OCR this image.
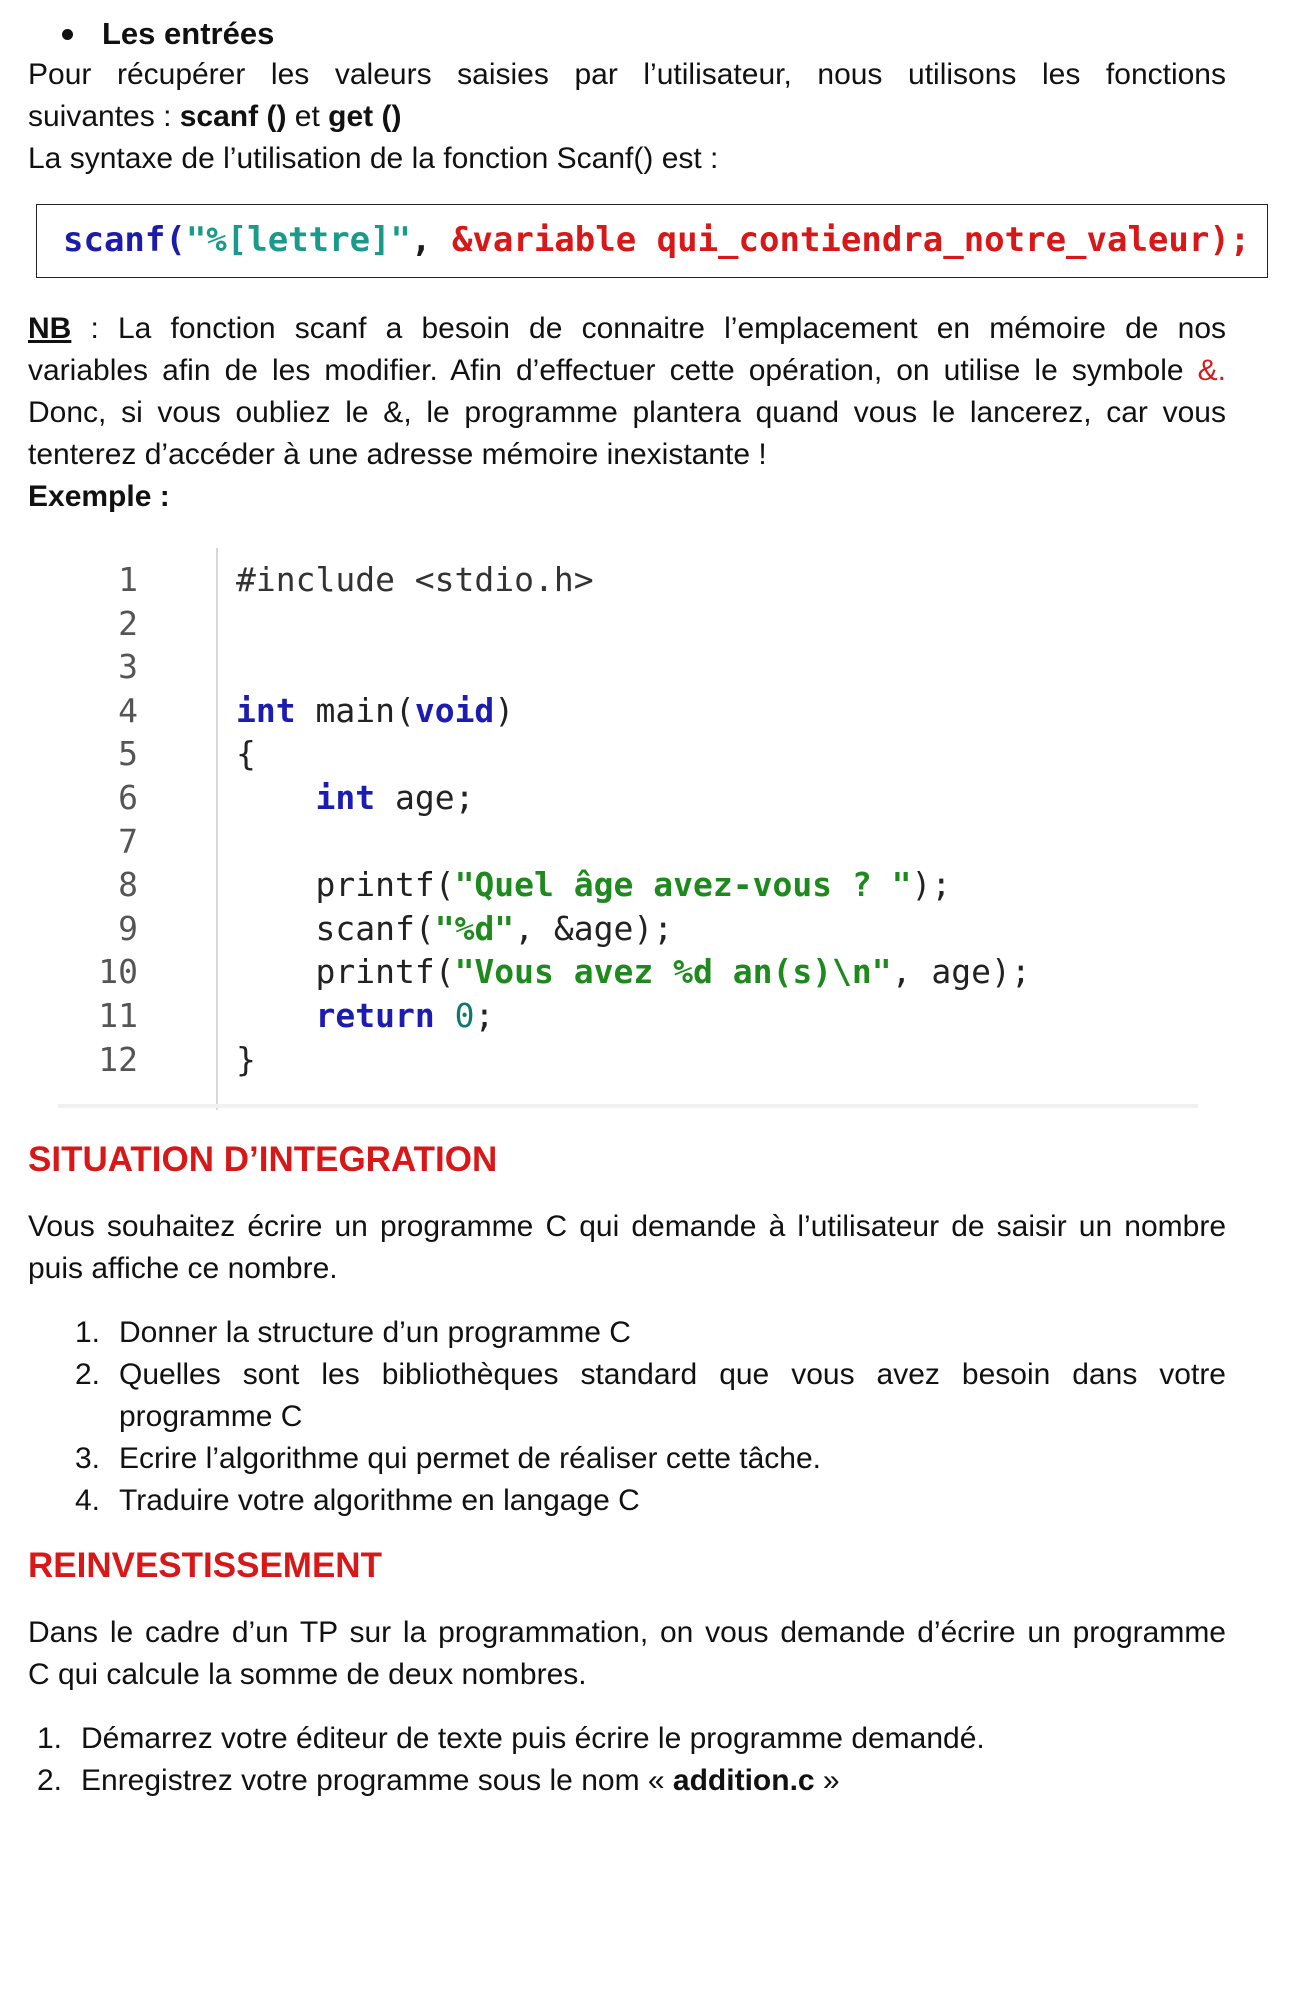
Les entrées
Pour récupérer les valeurs saisies par l’utilisateur, nous utilisons les fonctions
suivantes : scanf () et get ()
La syntaxe de l’utilisation de la fonction Scanf() est :
scanf("%[lettre]", &variable qui_contiendra_notre_valeur);
NB : La fonction scanf a besoin de connaitre l’emplacement en mémoire de nos
variables afin de les modifier. Afin d’effectuer cette opération, on utilise le symbole &.
Donc, si vous oubliez le &, le programme plantera quand vous le lancerez, car vous
tenterez d’accéder à une adresse mémoire inexistante !
Exemple :
1
2
3
4
5
6
7
8
9
10
11
12
#include <stdio.h>

int main(void)
{
int age;

printf("Quel âge avez-vous ? ");
scanf("%d", &age);
printf("Vous avez %d an(s)\n", age);
return 0;
}
SITUATION D’INTEGRATION
Vous souhaitez écrire un programme C qui demande à l’utilisateur de saisir un nombre
puis affiche ce nombre.
1. Donner la structure d’un programme C
2. Quelles sont les bibliothèques standard que vous avez besoin dans votre
programme C
3. Ecrire l’algorithme qui permet de réaliser cette tâche.
4. Traduire votre algorithme en langage C
REINVESTISSEMENT
Dans le cadre d’un TP sur la programmation, on vous demande d’écrire un programme
C qui calcule la somme de deux nombres.
1. Démarrez votre éditeur de texte puis écrire le programme demandé.
2. Enregistrez votre programme sous le nom « addition.c »
